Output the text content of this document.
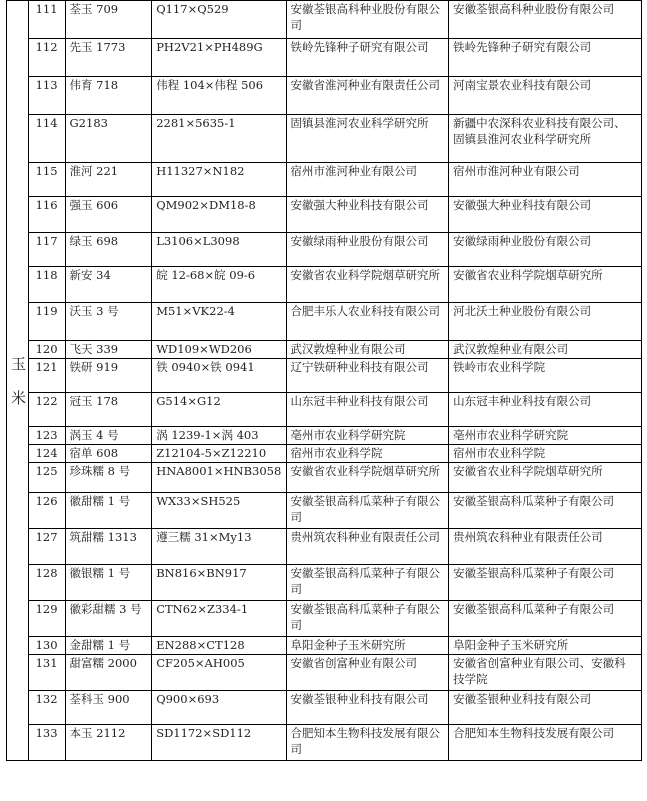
玉
米	111	荃玉 709	Q117×Q529	安徽荃银高科种业股份有限公司	安徽荃银高科种业股份有限公司
	112	先玉 1773	PH2V21×PH489G	铁岭先锋种子研究有限公司	铁岭先锋种子研究有限公司
	113	伟育 718	伟程 104×伟程 506	安徽省淮河种业有限责任公司	河南宝景农业科技有限公司
	114	G2183	2281×5635-1	固镇县淮河农业科学研究所	新疆中农深科农业科技有限公司、固镇县淮河农业科学研究所
	115	淮河 221	H11327×N182	宿州市淮河种业有限公司	宿州市淮河种业有限公司
	116	强玉 606	QM902×DM18-8	安徽强大种业科技有限公司	安徽强大种业科技有限公司
	117	绿玉 698	L3106×L3098	安徽绿雨种业股份有限公司	安徽绿雨种业股份有限公司
	118	新安 34	皖 12-68×皖 09-6	安徽省农业科学院烟草研究所	安徽省农业科学院烟草研究所
	119	沃玉 3 号	M51×VK22-4	合肥丰乐人农业科技有限公司	河北沃土种业股份有限公司
	120	飞天 339	WD109×WD206	武汉敦煌种业有限公司	武汉敦煌种业有限公司
	121	铁研 919	铁 0940×铁 0941	辽宁铁研种业科技有限公司	铁岭市农业科学院
	122	冠玉 178	G514×G12	山东冠丰种业科技有限公司	山东冠丰种业科技有限公司
	123	涡玉 4 号	涡 1239-1×涡 403	亳州市农业科学研究院	亳州市农业科学研究院
	124	宿单 608	Z12104-5×Z12210	宿州市农业科学院	宿州市农业科学院
	125	珍珠糯 8 号	HNA8001×HNB3058	安徽省农业科学院烟草研究所	安徽省农业科学院烟草研究所
	126	徽甜糯 1 号	WX33×SH525	安徽荃银高科瓜菜种子有限公司	安徽荃银高科瓜菜种子有限公司
	127	筑甜糯 1313	遵三糯 31×My13	贵州筑农科种业有限责任公司	贵州筑农科种业有限责任公司
	128	徽银糯 1 号	BN816×BN917	安徽荃银高科瓜菜种子有限公司	安徽荃银高科瓜菜种子有限公司
	129	徽彩甜糯 3 号	CTN62×Z334-1	安徽荃银高科瓜菜种子有限公司	安徽荃银高科瓜菜种子有限公司
	130	金甜糯 1 号	EN288×CT128	阜阳金种子玉米研究所	阜阳金种子玉米研究所
	131	甜富糯 2000	CF205×AH005	安徽省创富种业有限公司	安徽省创富种业有限公司、安徽科技学院
	132	荃科玉 900	Q900×693	安徽荃银种业科技有限公司	安徽荃银种业科技有限公司
	133	本玉 2112	SD1172×SD112	合肥知本生物科技发展有限公司	合肥知本生物科技发展有限公司
